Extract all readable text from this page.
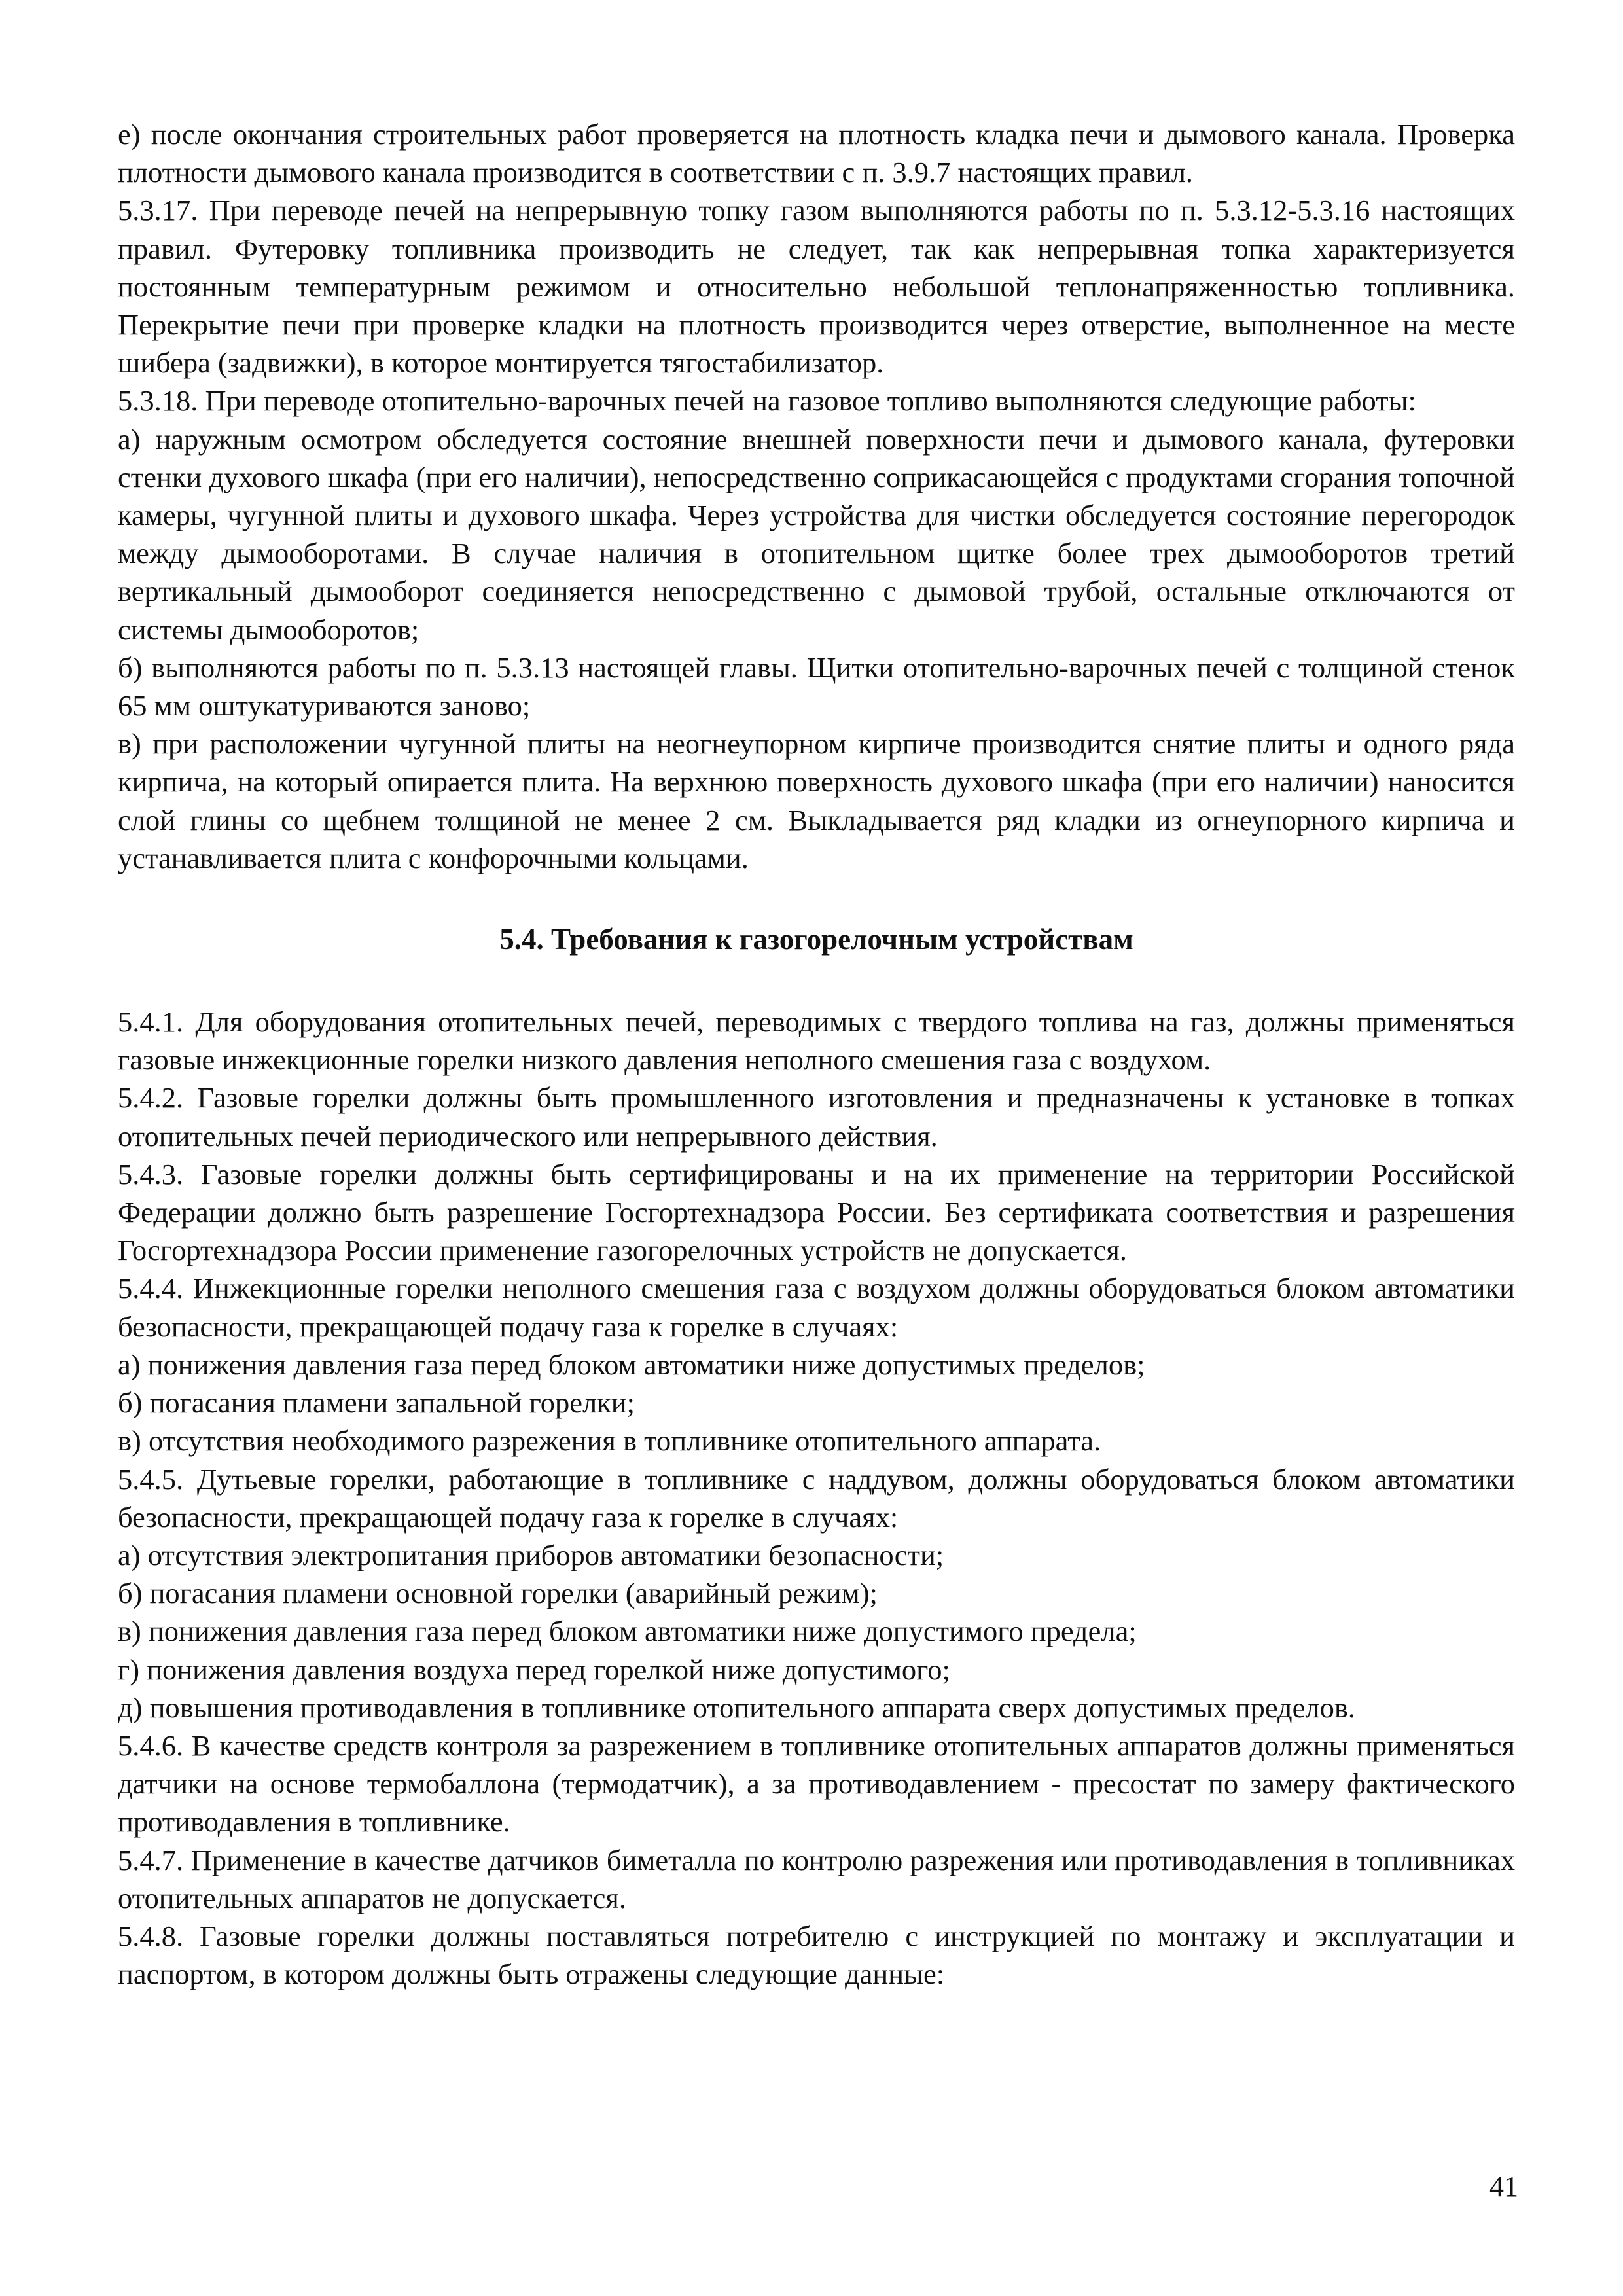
е) после окончания строительных работ проверяется на плотность кладка печи и дымового канала. Проверка плотности дымового канала производится в соответствии с п. 3.9.7 настоящих правил.

5.3.17. При переводе печей на непрерывную топку газом выполняются работы по п. 5.3.12-5.3.16 настоящих правил. Футеровку топливника производить не следует, так как непрерывная топка характеризуется постоянным температурным режимом и относительно небольшой теплонапряженностью топливника. Перекрытие печи при проверке кладки на плотность производится через отверстие, выполненное на месте шибера (задвижки), в которое монтируется тягостабилизатор.

5.3.18. При переводе отопительно-варочных печей на газовое топливо выполняются следующие работы:

а) наружным осмотром обследуется состояние внешней поверхности печи и дымового канала, футеровки стенки духового шкафа (при его наличии), непосредственно соприкасающейся с продуктами сгорания топочной камеры, чугунной плиты и духового шкафа. Через устройства для чистки обследуется состояние перегородок между дымооборотами. В случае наличия в отопительном щитке более трех дымооборотов третий вертикальный дымооборот соединяется непосредственно с дымовой трубой, остальные отключаются от системы дымооборотов;

б) выполняются работы по п. 5.3.13 настоящей главы. Щитки отопительно-варочных печей с толщиной стенок 65 мм оштукатуриваются заново;

в) при расположении чугунной плиты на неогнеупорном кирпиче производится снятие плиты и одного ряда кирпича, на который опирается плита. На верхнюю поверхность духового шкафа (при его наличии) наносится слой глины со щебнем толщиной не менее 2 см. Выкладывается ряд кладки из огнеупорного кирпича и устанавливается плита с конфорочными кольцами.

5.4. Требования к газогорелочным устройствам

5.4.1. Для оборудования отопительных печей, переводимых с твердого топлива на газ, должны применяться газовые инжекционные горелки низкого давления неполного смешения газа с воздухом.

5.4.2. Газовые горелки должны быть промышленного изготовления и предназначены к установке в топках отопительных печей периодического или непрерывного действия.

5.4.3. Газовые горелки должны быть сертифицированы и на их применение на территории Российской Федерации должно быть разрешение Госгортехнадзора России. Без сертификата соответствия и разрешения Госгортехнадзора России применение газогорелочных устройств не допускается.

5.4.4. Инжекционные горелки неполного смешения газа с воздухом должны оборудоваться блоком автоматики безопасности, прекращающей подачу газа к горелке в случаях:

а) понижения давления газа перед блоком автоматики ниже допустимых пределов;

б) погасания пламени запальной горелки;

в) отсутствия необходимого разрежения в топливнике отопительного аппарата.

5.4.5. Дутьевые горелки, работающие в топливнике с наддувом, должны оборудоваться блоком автоматики безопасности, прекращающей подачу газа к горелке в случаях:

а) отсутствия электропитания приборов автоматики безопасности;

б) погасания пламени основной горелки (аварийный режим);

в) понижения давления газа перед блоком автоматики ниже допустимого предела;

г) понижения давления воздуха перед горелкой ниже допустимого;

д) повышения противодавления в топливнике отопительного аппарата сверх допустимых пределов.

5.4.6. В качестве средств контроля за разрежением в топливнике отопительных аппаратов должны применяться датчики на основе термобаллона (термодатчик), а за противодавлением - пресостат по замеру фактического противодавления в топливнике.

5.4.7. Применение в качестве датчиков биметалла по контролю разрежения или противодавления в топливниках отопительных аппаратов не допускается.

5.4.8. Газовые горелки должны поставляться потребителю с инструкцией по монтажу и эксплуатации и паспортом, в котором должны быть отражены следующие данные:

41
